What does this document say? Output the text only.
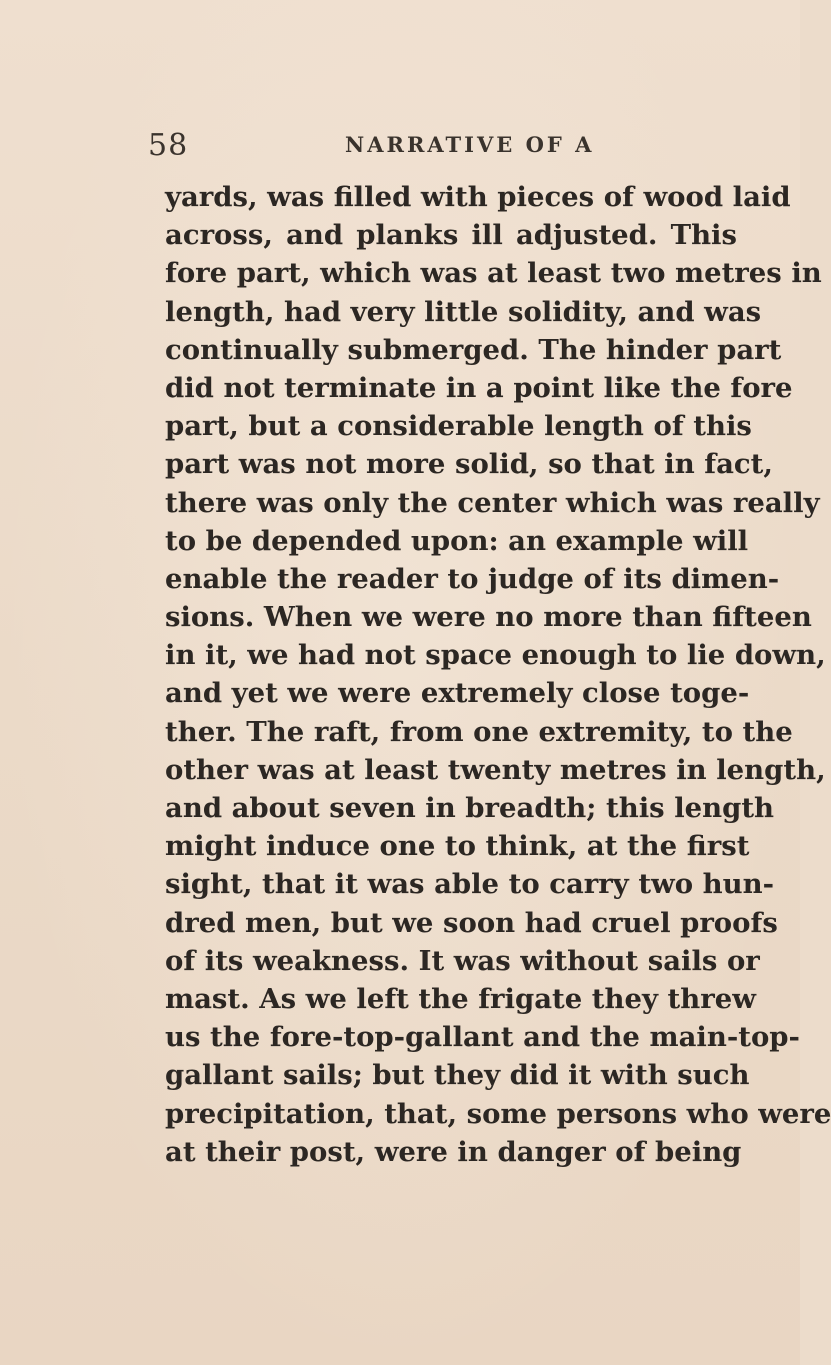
58	NARRATIVE OF A
yards, was filled with pieces of wood laid
across, and planks ill adjusted. This
fore part, which was at least two metres in
length, had very little solidity, and was
continually submerged. The hinder part
did not terminate in a point like the fore
part, but a considerable length of this
part was not more solid, so that in fact,
there was only the center which was really
to be depended upon: an example will
enable the reader to judge of its dimen-
sions. When we were no more than fifteen
in it, we had not space enough to lie down,
and yet we were extremely close toge-
ther. The raft, from one extremity, to the
other was at least twenty metres in length,
and about seven in breadth; this length
might induce one to think, at the first
sight, that it was able to carry two hun-
dred men, but we soon had cruel proofs
of its weakness. It was without sails or
mast. As we left the frigate they threw
us the fore-top-gallant and the main-top-
gallant sails; but they did it with such
precipitation, that, some persons who were
at their post, were in danger of being
